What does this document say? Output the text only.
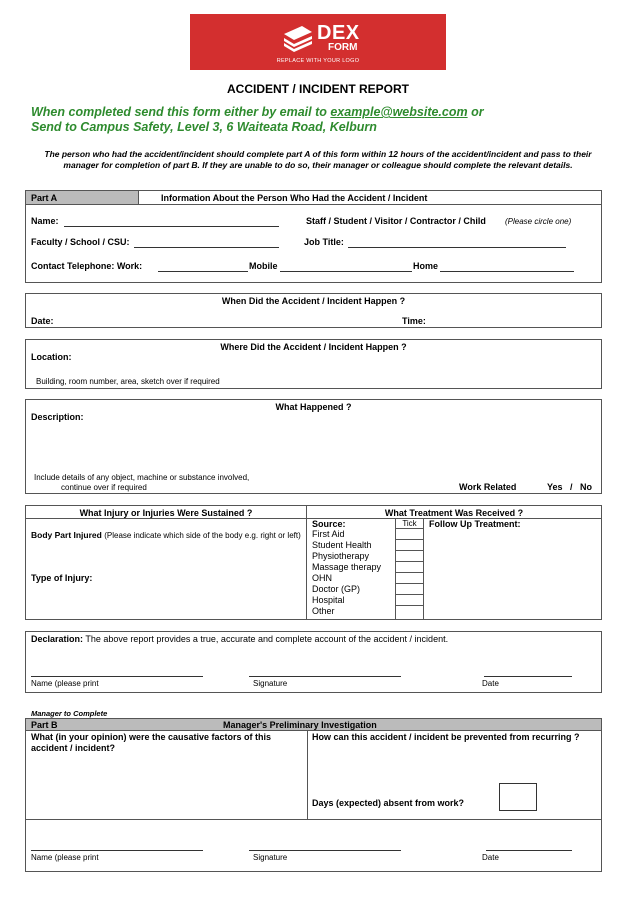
DEX
FORM
REPLACE WITH YOUR LOGO
ACCIDENT / INCIDENT REPORT
When completed send this form either by email to example@website.com or
Send to Campus Safety, Level 3, 6 Waiteata Road, Kelburn
The person who had the accident/incident should complete part A of this form within 12 hours of the accident/incident and pass to their manager for completion of part B. If they are unable to do so, their manager or colleague should complete the relevant details.
Part A	Information About the Person Who Had the Accident / Incident
Name:	Staff / Student / Visitor / Contractor / Child (Please circle one)
Faculty / School / CSU:	Job Title:
Contact Telephone: Work:	Mobile	Home
When Did the Accident / Incident Happen ?
Date:	Time:
Where Did the Accident / Incident Happen ?
Location:
Building, room number, area, sketch over if required
What Happened ?
Description:
Include details of any object, machine or substance involved,
continue over if required	Work Related	Yes   /   No
What Injury or Injuries Were Sustained ?	What Treatment Was Received ?
Body Part Injured (Please indicate which side of the body e.g. right or left)
Type of Injury:
Source:	Tick
First Aid
Student Health
Physiotherapy
Massage therapy
OHN
Doctor (GP)
Hospital
Other
Follow Up Treatment:
Declaration: The above report provides a true, accurate and complete account of the accident / incident.
Name (please print	Signature	Date
Manager to Complete
Part B	Manager's Preliminary Investigation
What (in your opinion) were the causative factors of this accident / incident?
How can this accident / incident be prevented from recurring ?
Days (expected) absent from work?
Name (please print	Signature	Date
